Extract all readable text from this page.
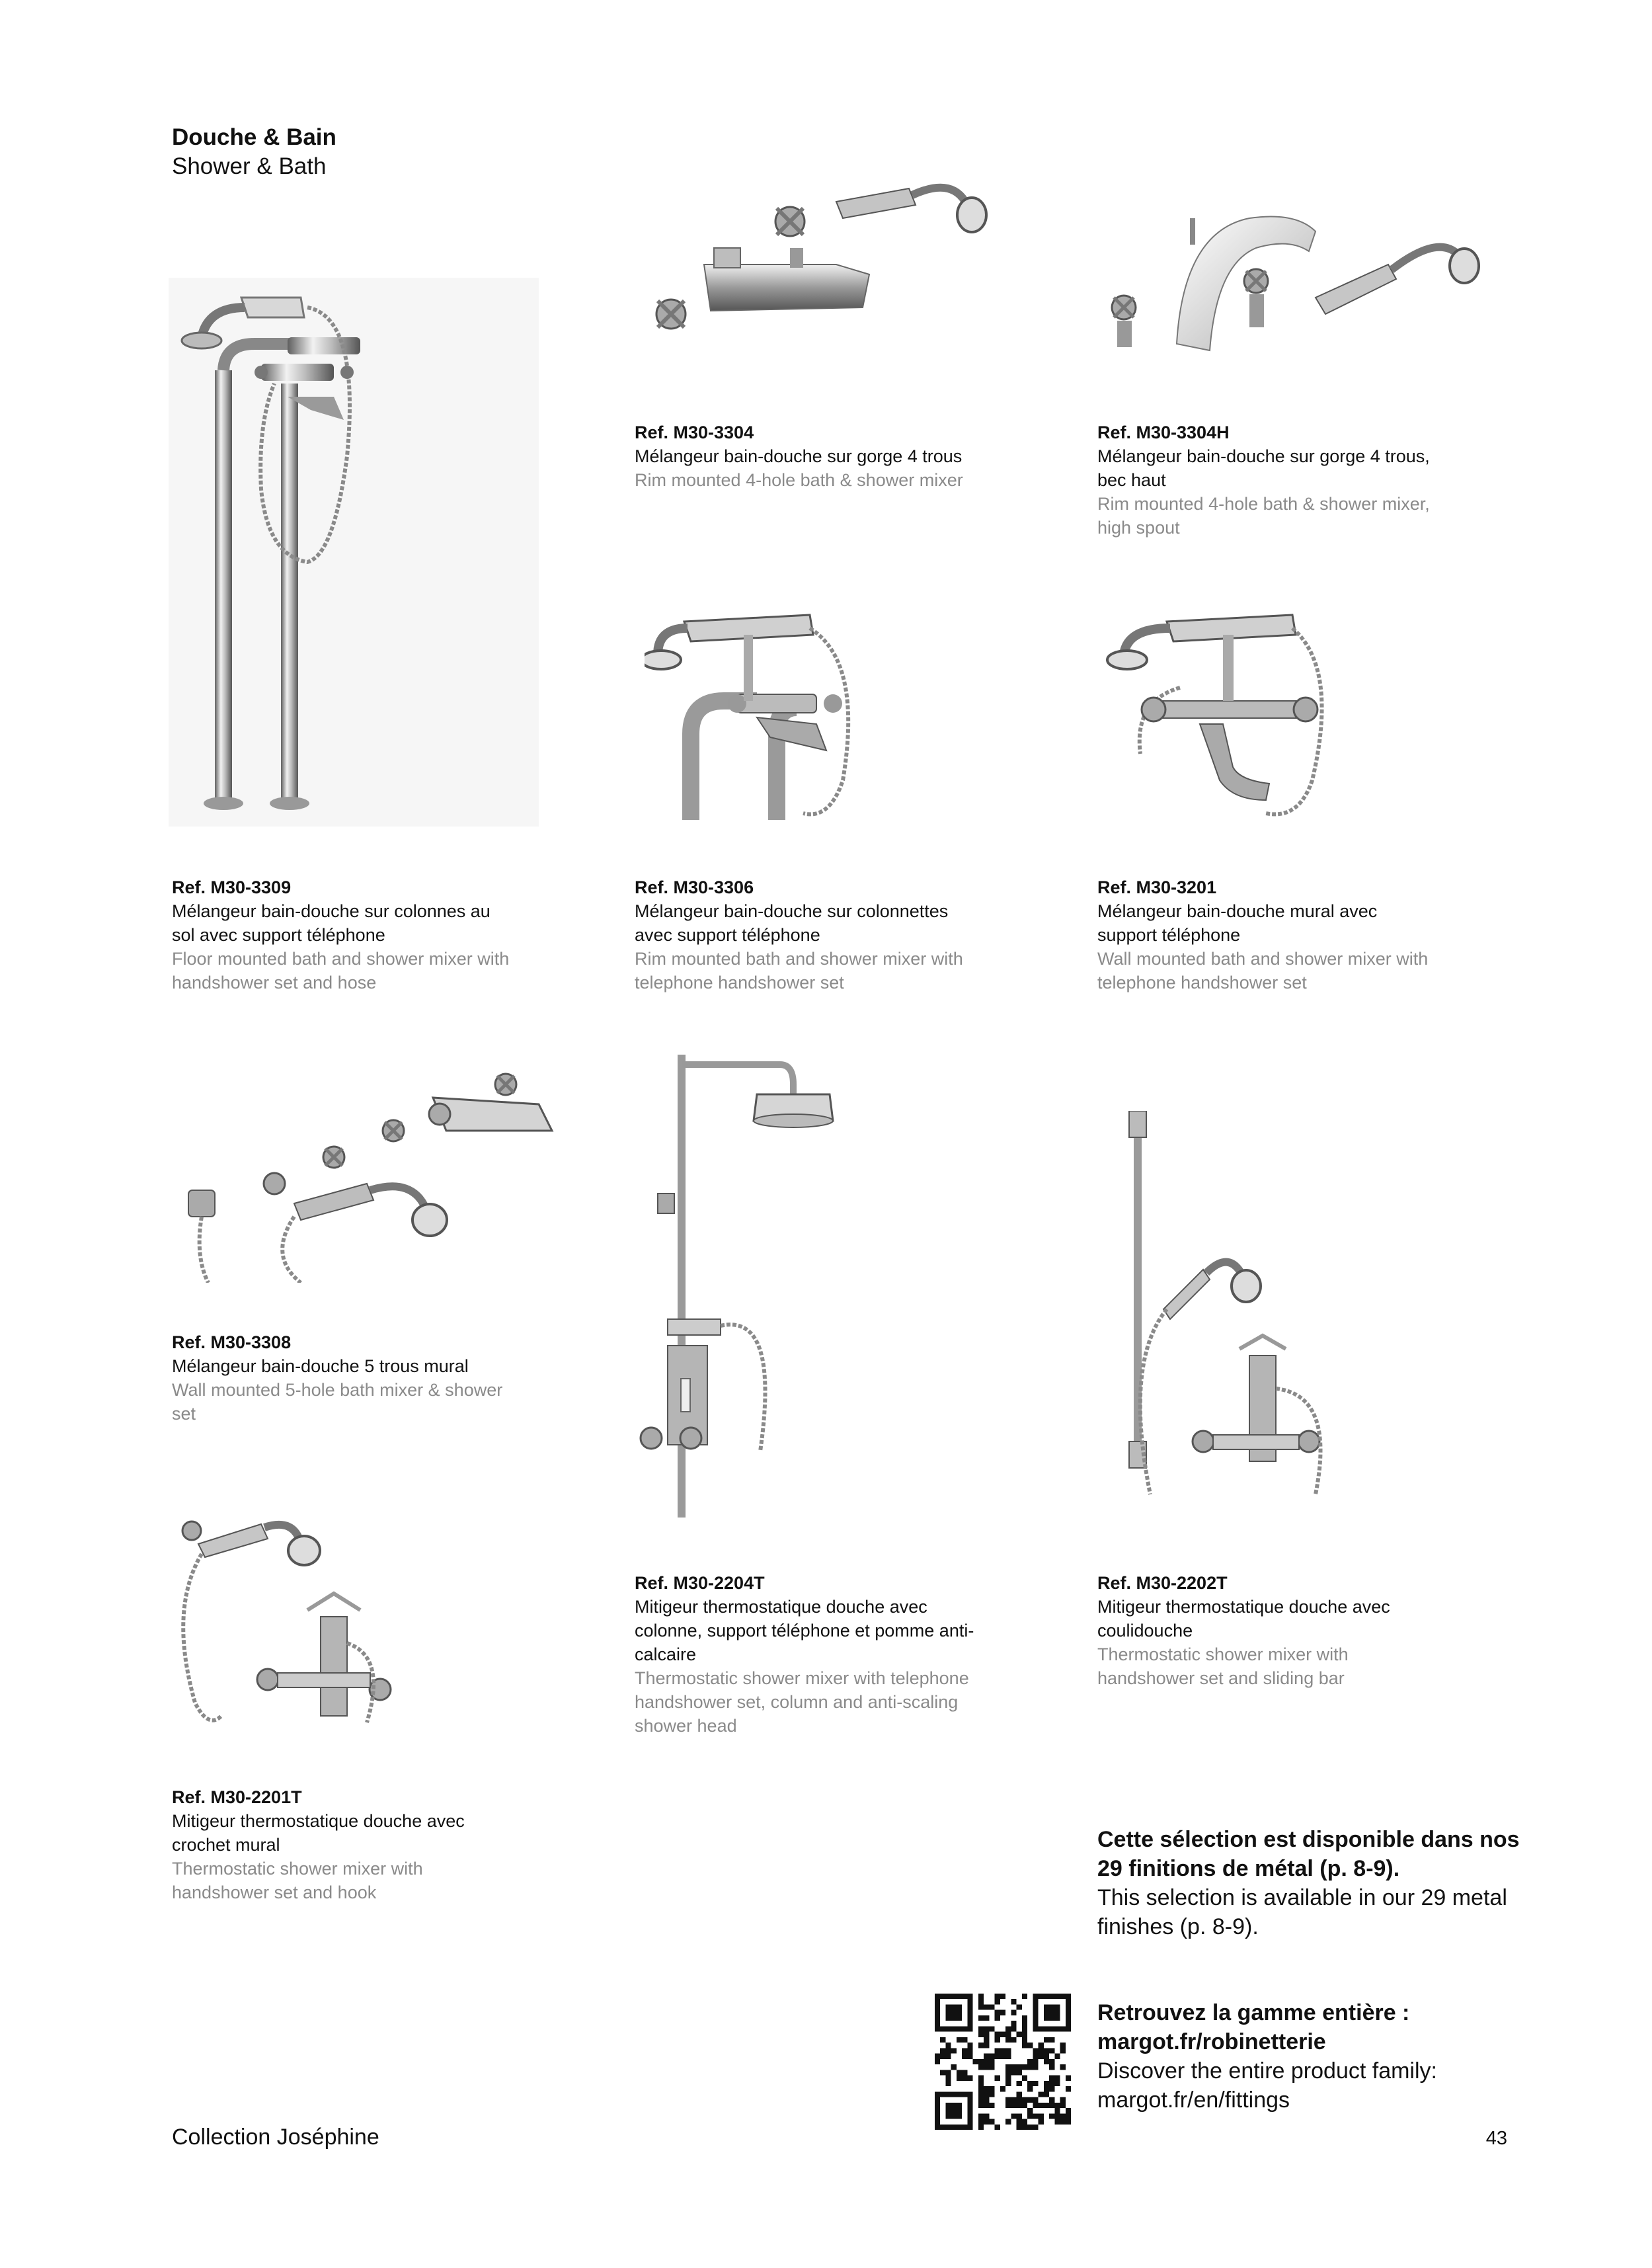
Douche & Bain
Shower & Bath
Ref. M30-3309
Mélangeur bain-douche sur colonnes au sol avec support téléphone
Floor mounted bath and shower mixer with handshower set and hose
Ref. M30-3304
Mélangeur bain-douche sur gorge 4 trous
Rim mounted 4-hole bath & shower mixer
Ref. M30-3304H
Mélangeur bain-douche sur gorge 4 trous, bec haut
Rim mounted 4-hole bath & shower mixer, high spout
Ref. M30-3306
Mélangeur bain-douche sur colonnettes avec support téléphone
Rim mounted bath and shower mixer with telephone handshower set
Ref. M30-3201
Mélangeur bain-douche mural avec support téléphone
Wall mounted bath and shower mixer with telephone handshower set
Ref. M30-3308
Mélangeur bain-douche 5 trous mural
Wall mounted 5-hole bath mixer & shower set
Ref. M30-2204T
Mitigeur thermostatique douche avec colonne, support téléphone et pomme anti-calcaire
Thermostatic shower mixer with telephone handshower set, column and anti-scaling shower head
Ref. M30-2202T
Mitigeur thermostatique douche avec coulidouche
Thermostatic shower mixer with handshower set and sliding bar
Ref. M30-2201T
Mitigeur thermostatique douche avec crochet mural
Thermostatic shower mixer with handshower set and hook
Cette sélection est disponible dans nos 29 finitions de métal (p. 8-9).
This selection is available in our 29 metal finishes (p. 8-9).
Retrouvez la gamme entière : margot.fr/robinetterie
Discover the entire product family: margot.fr/en/fittings
Collection Joséphine	43
